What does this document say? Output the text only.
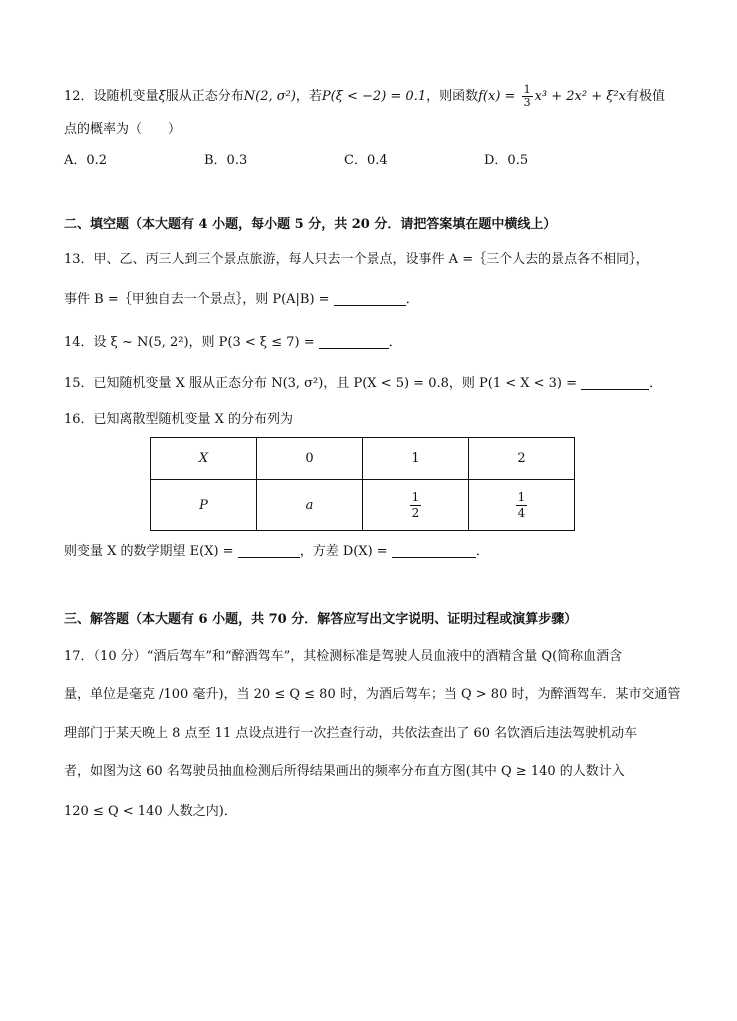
12．设随机变量ξ服从正态分布N(2, σ²)，若P(ξ < −2) = 0.1，则函数$f(x) = \frac{1}{3} x^3 + 2x^2 + \xi^2x$有极值
点的概率为（　　）
A．0.2	B．0.3	C．0.4	D．0.5
二、填空题（本大题有 4 小题，每小题 5 分，共 20 分．请把答案填在题中横线上）
13．甲、乙、丙三人到三个景点旅游，每人只去一个景点，设事件 A =｛三个人去的景点各不相同｝，
事件 B =｛甲独自去一个景点｝，则 P(A|B) =	．
14．设 ξ ~ N(5, 2²)，则 P(3 < ξ ≤ 7) =	．
15．已知随机变量 X 服从正态分布 N(3, σ²)，且 P(X < 5) = 0.8，则 P(1 < X < 3) =	．
16．已知离散型随机变量 X 的分布列为
X	0	1	2
P	a	$\frac{1}{2}$	$\frac{1}{4}$
则变量 X 的数学期望 E(X) =	，方差 D(X) =	．
三、解答题（本大题有 6 小题，共 70 分．解答应写出文字说明、证明过程或演算步骤）
17．（10 分）“酒后驾车”和“醉酒驾车”，其检测标准是驾驶人员血液中的酒精含量 Q(简称血酒含
量，单位是毫克 /100 毫升)，当 20 ≤ Q ≤ 80 时，为酒后驾车；当 Q > 80 时，为醉酒驾车．某市交通管
理部门于某天晚上 8 点至 11 点设点进行一次拦查行动，共依法查出了 60 名饮酒后违法驾驶机动车
者，如图为这 60 名驾驶员抽血检测后所得结果画出的频率分布直方图(其中 Q ≥ 140 的人数计入
120 ≤ Q < 140 人数之内)．
